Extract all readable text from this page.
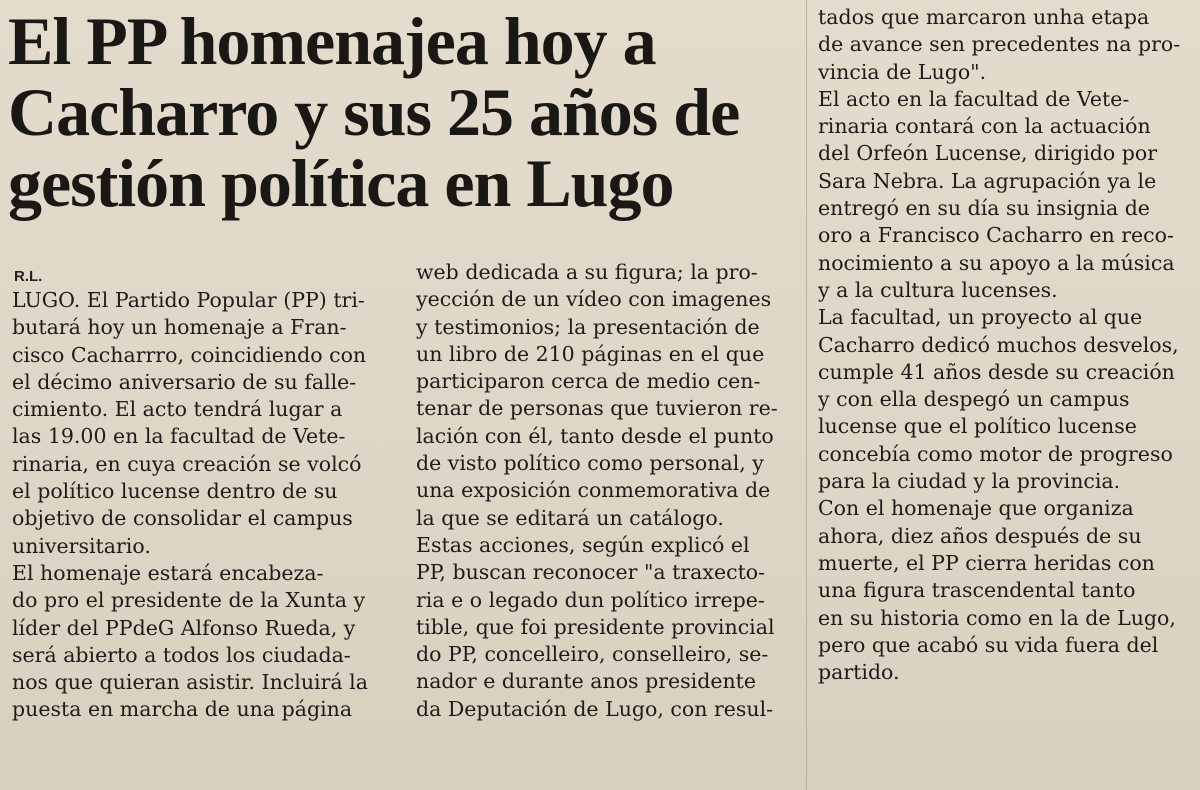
El PP homenajea hoy a
Cacharro y sus 25 años de
gestión política en Lugo
R.L.
LUGO. El Partido Popular (PP) tri-
butará hoy un homenaje a Fran-
cisco Cacharrro, coincidiendo con
el décimo aniversario de su falle-
cimiento. El acto tendrá lugar a
las 19.00 en la facultad de Vete-
rinaria, en cuya creación se volcó
el político lucense dentro de su
objetivo de consolidar el campus
universitario.
El homenaje estará encabeza-
do pro el presidente de la Xunta y
líder del PPdeG Alfonso Rueda, y
será abierto a todos los ciudada-
nos que quieran asistir. Incluirá la
puesta en marcha de una página
web dedicada a su figura; la pro-
yección de un vídeo con imagenes
y testimonios; la presentación de
un libro de 210 páginas en el que
participaron cerca de medio cen-
tenar de personas que tuvieron re-
lación con él, tanto desde el punto
de visto político como personal, y
una exposición conmemorativa de
la que se editará un catálogo.
Estas acciones, según explicó el
PP, buscan reconocer "a traxecto-
ria e o legado dun político irrepe-
tible, que foi presidente provincial
do PP, concelleiro, conselleiro, se-
nador e durante anos presidente
da Deputación de Lugo, con resul-
tados que marcaron unha etapa
de avance sen precedentes na pro-
vincia de Lugo".
El acto en la facultad de Vete-
rinaria contará con la actuación
del Orfeón Lucense, dirigido por
Sara Nebra. La agrupación ya le
entregó en su día su insignia de
oro a Francisco Cacharro en reco-
nocimiento a su apoyo a la música
y a la cultura lucenses.
La facultad, un proyecto al que
Cacharro dedicó muchos desvelos,
cumple 41 años desde su creación
y con ella despegó un campus
lucense que el político lucense
concebía como motor de progreso
para la ciudad y la provincia.
Con el homenaje que organiza
ahora, diez años después de su
muerte, el PP cierra heridas con
una figura trascendental tanto
en su historia como en la de Lugo,
pero que acabó su vida fuera del
partido.
